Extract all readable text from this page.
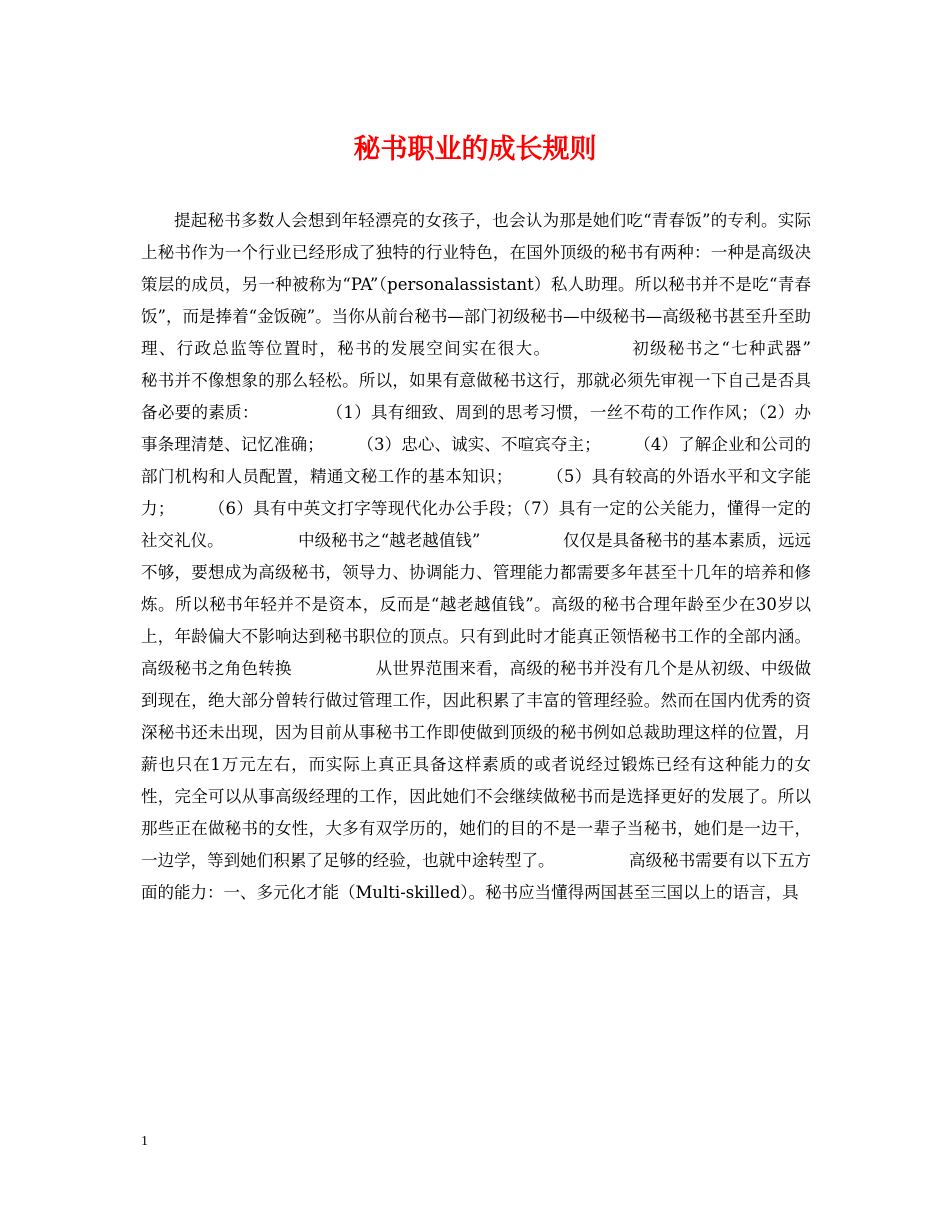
秘书职业的成长规则

提起秘书多数人会想到年轻漂亮的女孩子，也会认为那是她们吃“青春饭”的专利。实际上秘书作为一个行业已经形成了独特的行业特色，在国外顶级的秘书有两种：一种是高级决策层的成员，另一种被称为“PA”（personalassistant）私人助理。所以秘书并不是吃“青春饭”，而是捧着“金饭碗”。当你从前台秘书—部门初级秘书—中级秘书—高级秘书甚至升至助理、行政总监等位置时，秘书的发展空间实在很大。　　　　　初级秘书之“七种武器”　　　　　秘书并不像想象的那么轻松。所以，如果有意做秘书这行，那就必须先审视一下自己是否具备必要的素质：　　　　　（1）具有细致、周到的思考习惯，一丝不苟的工作作风；（2）办事条理清楚、记忆准确；　　　（3）忠心、诚实、不喧宾夺主；　　　（4）了解企业和公司的部门机构和人员配置，精通文秘工作的基本知识；　　　（5）具有较高的外语水平和文字能力；　　　（6）具有中英文打字等现代化办公手段；（7）具有一定的公关能力，懂得一定的社交礼仪。　　　　　中级秘书之“越老越值钱”　　　　　仅仅是具备秘书的基本素质，远远不够，要想成为高级秘书，领导力、协调能力、管理能力都需要多年甚至十几年的培养和修炼。所以秘书年轻并不是资本，反而是“越老越值钱”。高级的秘书合理年龄至少在30岁以上，年龄偏大不影响达到秘书职位的顶点。只有到此时才能真正领悟秘书工作的全部内涵。高级秘书之角色转换　　　　　从世界范围来看，高级的秘书并没有几个是从初级、中级做到现在，绝大部分曾转行做过管理工作，因此积累了丰富的管理经验。然而在国内优秀的资深秘书还未出现，因为目前从事秘书工作即使做到顶级的秘书例如总裁助理这样的位置，月薪也只在1万元左右，而实际上真正具备这样素质的或者说经过锻炼已经有这种能力的女性，完全可以从事高级经理的工作，因此她们不会继续做秘书而是选择更好的发展了。所以那些正在做秘书的女性，大多有双学历的，她们的目的不是一辈子当秘书，她们是一边干，一边学，等到她们积累了足够的经验，也就中途转型了。　　　　　高级秘书需要有以下五方面的能力：一、多元化才能（Multi-skilled）。秘书应当懂得两国甚至三国以上的语言，具

1
